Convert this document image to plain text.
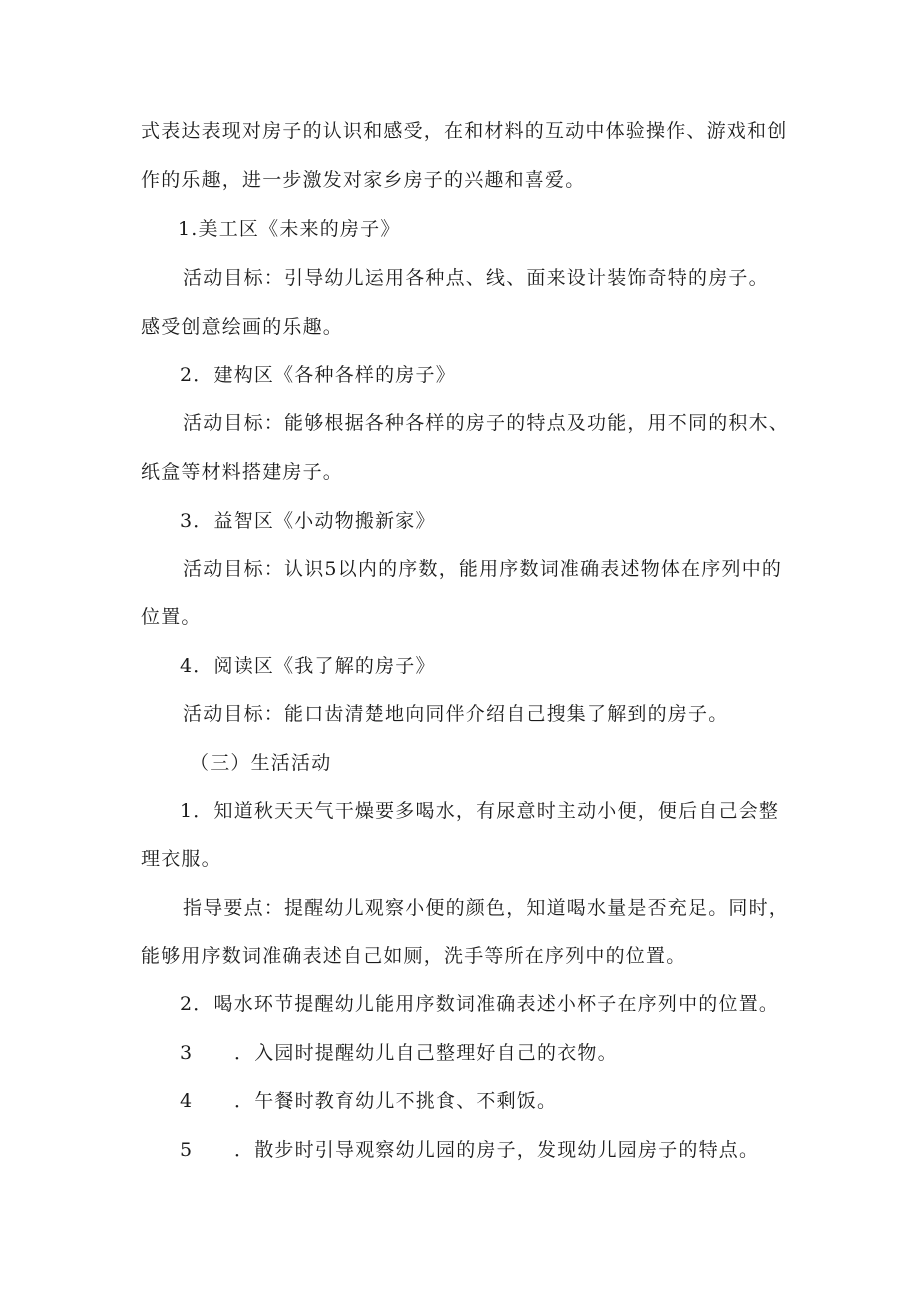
式表达表现对房子的认识和感受，在和材料的互动中体验操作、游戏和创
作的乐趣，进一步激发对家乡房子的兴趣和喜爱。
1.美工区《未来的房子》
活动目标：引导幼儿运用各种点、线、面来设计装饰奇特的房子。
感受创意绘画的乐趣。
2．建构区《各种各样的房子》
活动目标：能够根据各种各样的房子的特点及功能，用不同的积木、
纸盒等材料搭建房子。
3．益智区《小动物搬新家》
活动目标：认识5以内的序数，能用序数词准确表述物体在序列中的
位置。
4．阅读区《我了解的房子》
活动目标：能口齿清楚地向同伴介绍自己搜集了解到的房子。
（三）生活活动
1．知道秋天天气干燥要多喝水，有尿意时主动小便，便后自己会整
理衣服。
指导要点：提醒幼儿观察小便的颜色，知道喝水量是否充足。同时，
能够用序数词准确表述自己如厕，洗手等所在序列中的位置。
2．喝水环节提醒幼儿能用序数词准确表述小杯子在序列中的位置。
3 ．入园时提醒幼儿自己整理好自己的衣物。
4 ．午餐时教育幼儿不挑食、不剩饭。
5 ．散步时引导观察幼儿园的房子，发现幼儿园房子的特点。
